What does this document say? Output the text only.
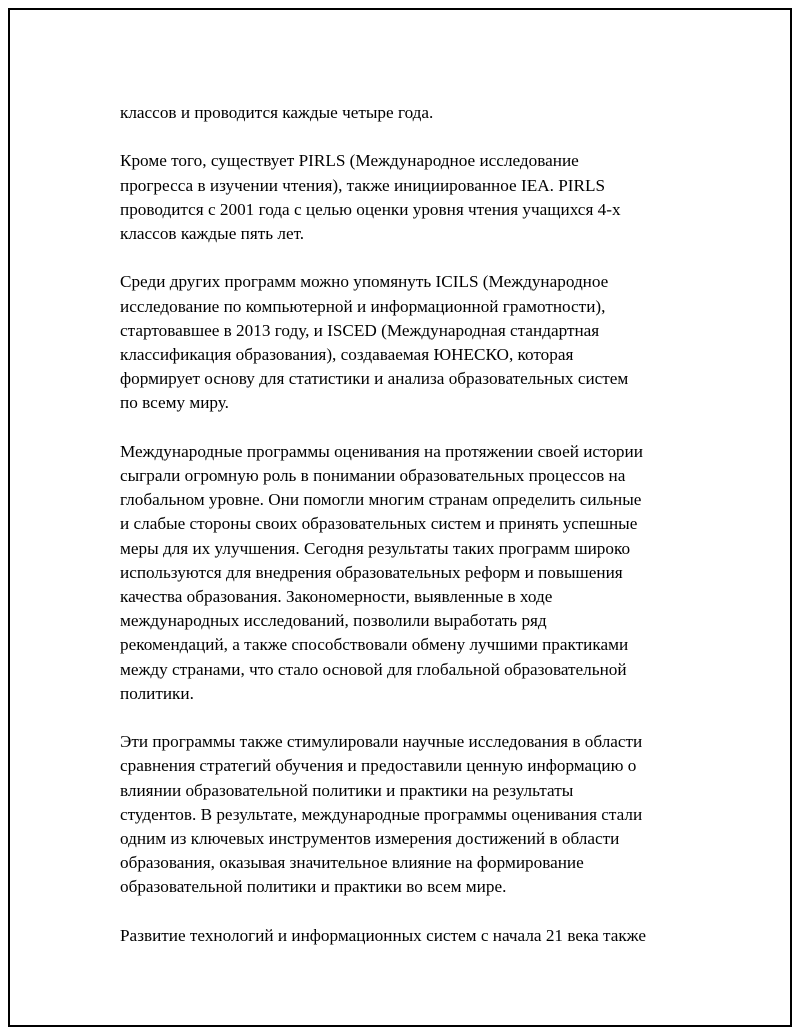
классов и проводится каждые четыре года.

Кроме того, существует PIRLS (Международное исследование
прогресса в изучении чтения), также инициированное IEA. PIRLS
проводится с 2001 года с целью оценки уровня чтения учащихся 4-х
классов каждые пять лет.

Среди других программ можно упомянуть ICILS (Международное
исследование по компьютерной и информационной грамотности),
стартовавшее в 2013 году, и ISCED (Международная стандартная
классификация образования), создаваемая ЮНЕСКО, которая
формирует основу для статистики и анализа образовательных систем
по всему миру.

Международные программы оценивания на протяжении своей истории
сыграли огромную роль в понимании образовательных процессов на
глобальном уровне. Они помогли многим странам определить сильные
и слабые стороны своих образовательных систем и принять успешные
меры для их улучшения. Сегодня результаты таких программ широко
используются для внедрения образовательных реформ и повышения
качества образования. Закономерности, выявленные в ходе
международных исследований, позволили выработать ряд
рекомендаций, а также способствовали обмену лучшими практиками
между странами, что стало основой для глобальной образовательной
политики.

Эти программы также стимулировали научные исследования в области
сравнения стратегий обучения и предоставили ценную информацию о
влиянии образовательной политики и практики на результаты
студентов. В результате, международные программы оценивания стали
одним из ключевых инструментов измерения достижений в области
образования, оказывая значительное влияние на формирование
образовательной политики и практики во всем мире.

Развитие технологий и информационных систем с начала 21 века также
